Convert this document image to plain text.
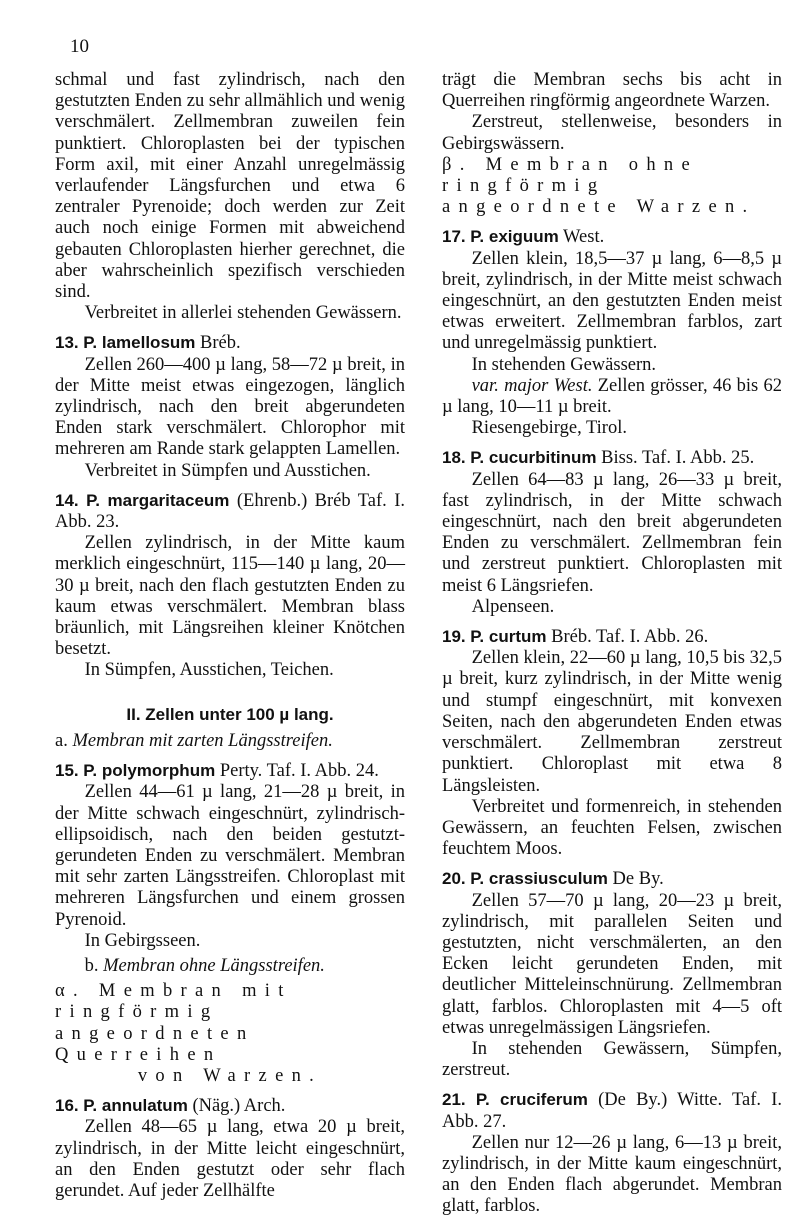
10

schmal und fast zylindrisch, nach den gestutzten Enden zu sehr allmählich und wenig verschmälert. Zellmembran zuweilen fein punktiert. Chloroplasten bei der typischen Form axil, mit einer Anzahl unregelmässig verlaufender Längsfurchen und etwa 6 zentraler Pyrenoide; doch werden zur Zeit auch noch einige Formen mit abweichend gebauten Chloroplasten hierher gerechnet, die aber wahrscheinlich spezifisch verschieden sind.

Verbreitet in allerlei stehenden Gewässern.

13. P. lamellosum Bréb.

Zellen 260—400 µ lang, 58—72 µ breit, in der Mitte meist etwas eingezogen, länglich zylindrisch, nach den breit abgerundeten Enden stark verschmälert. Chlorophor mit mehreren am Rande stark gelappten Lamellen.

Verbreitet in Sümpfen und Ausstichen.

14. P. margaritaceum (Ehrenb.) Bréb Taf. I. Abb. 23.

Zellen zylindrisch, in der Mitte kaum merklich eingeschnürt, 115—140 µ lang, 20—30 µ breit, nach den flach gestutzten Enden zu kaum etwas verschmälert. Membran blass bräunlich, mit Längsreihen kleiner Knötchen besetzt.

In Sümpfen, Ausstichen, Teichen.

II. Zellen unter 100 µ lang.

a. Membran mit zarten Längsstreifen.

15. P. polymorphum Perty. Taf. I. Abb. 24.

Zellen 44—61 µ lang, 21—28 µ breit, in der Mitte schwach eingeschnürt, zylindrisch-ellipsoidisch, nach den beiden gestutzt-gerundeten Enden zu verschmälert. Membran mit sehr zarten Längsstreifen. Chloroplast mit mehreren Längsfurchen und einem grossen Pyrenoid.

In Gebirgsseen.

b. Membran ohne Längsstreifen.

α. Membran mit ringförmig angeordneten Querreihen

von Warzen.

16. P. annulatum (Näg.) Arch.

Zellen 48—65 µ lang, etwa 20 µ breit, zylindrisch, in der Mitte leicht eingeschnürt, an den Enden gestutzt oder sehr flach gerundet. Auf jeder Zellhälfte

trägt die Membran sechs bis acht in Querreihen ringförmig angeordnete Warzen.

Zerstreut, stellenweise, besonders in Gebirgswässern.

β. Membran ohne ringförmig angeordnete Warzen.

17. P. exiguum West.

Zellen klein, 18,5—37 µ lang, 6—8,5 µ breit, zylindrisch, in der Mitte meist schwach eingeschnürt, an den gestutzten Enden meist etwas erweitert. Zellmembran farblos, zart und unregelmässig punktiert.

In stehenden Gewässern.

var. major West. Zellen grösser, 46 bis 62 µ lang, 10—11 µ breit.

Riesengebirge, Tirol.

18. P. cucurbitinum Biss. Taf. I. Abb. 25.

Zellen 64—83 µ lang, 26—33 µ breit, fast zylindrisch, in der Mitte schwach eingeschnürt, nach den breit abgerundeten Enden zu verschmälert. Zellmembran fein und zerstreut punktiert. Chloroplasten mit meist 6 Längsriefen.

Alpenseen.

19. P. curtum Bréb. Taf. I. Abb. 26.

Zellen klein, 22—60 µ lang, 10,5 bis 32,5 µ breit, kurz zylindrisch, in der Mitte wenig und stumpf eingeschnürt, mit konvexen Seiten, nach den abgerundeten Enden etwas verschmälert. Zellmembran zerstreut punktiert. Chloroplast mit etwa 8 Längsleisten.

Verbreitet und formenreich, in stehenden Gewässern, an feuchten Felsen, zwischen feuchtem Moos.

20. P. crassiusculum De By.

Zellen 57—70 µ lang, 20—23 µ breit, zylindrisch, mit parallelen Seiten und gestutzten, nicht verschmälerten, an den Ecken leicht gerundeten Enden, mit deutlicher Mitteleinschnürung. Zellmembran glatt, farblos. Chloroplasten mit 4—5 oft etwas unregelmässigen Längsriefen.

In stehenden Gewässern, Sümpfen, zerstreut.

21. P. cruciferum (De By.) Witte. Taf. I. Abb. 27.

Zellen nur 12—26 µ lang, 6—13 µ breit, zylindrisch, in der Mitte kaum eingeschnürt, an den Enden flach abgerundet. Membran glatt, farblos.
